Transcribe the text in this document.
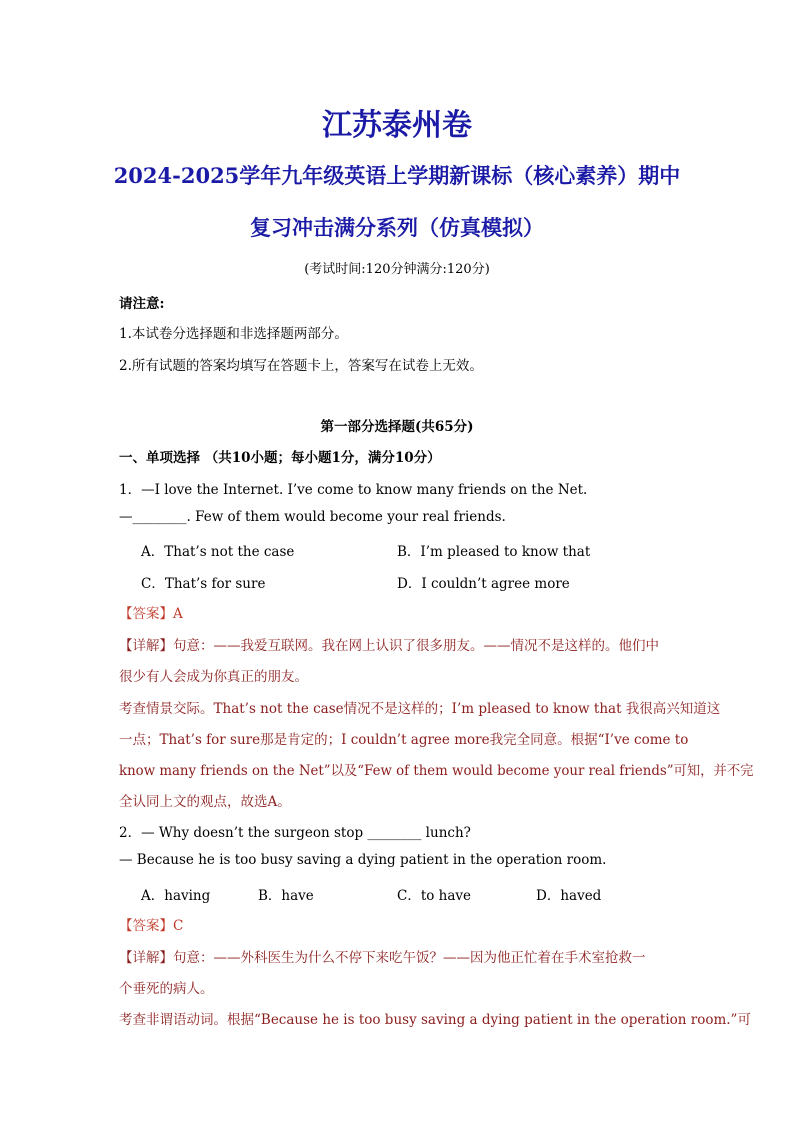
江苏泰州卷
2024-2025学年九年级英语上学期新课标（核心素养）期中
复习冲击满分系列（仿真模拟）
(考试时间:120分钟满分:120分)
请注意:
1.本试卷分选择题和非选择题两部分。
2.所有试题的答案均填写在答题卡上，答案写在试卷上无效。
第一部分选择题(共65分)
一、单项选择 （共10小题；每小题1分，满分10分）
1．—I love the Internet. I’ve come to know many friends on the Net.
—________. Few of them would become your real friends.
A．That’s not the case	B．I’m pleased to know that
C．That’s for sure	D．I couldn’t agree more
【答案】A
【详解】句意：——我爱互联网。我在网上认识了很多朋友。——情况不是这样的。他们中
很少有人会成为你真正的朋友。
考查情景交际。That’s not the case情况不是这样的；I’m pleased to know that 我很高兴知道这
一点；That’s for sure那是肯定的；I couldn’t agree more我完全同意。根据“I’ve come to
know many friends on the Net”以及“Few of them would become your real friends”可知，并不完
全认同上文的观点，故选A。
2．— Why doesn’t the surgeon stop ________ lunch?
— Because he is too busy saving a dying patient in the operation room.
A．having	B．have	C．to have	D．haved
【答案】C
【详解】句意：——外科医生为什么不停下来吃午饭？——因为他正忙着在手术室抢救一
个垂死的病人。
考查非谓语动词。根据“Because he is too busy saving a dying patient in the operation room.”可
